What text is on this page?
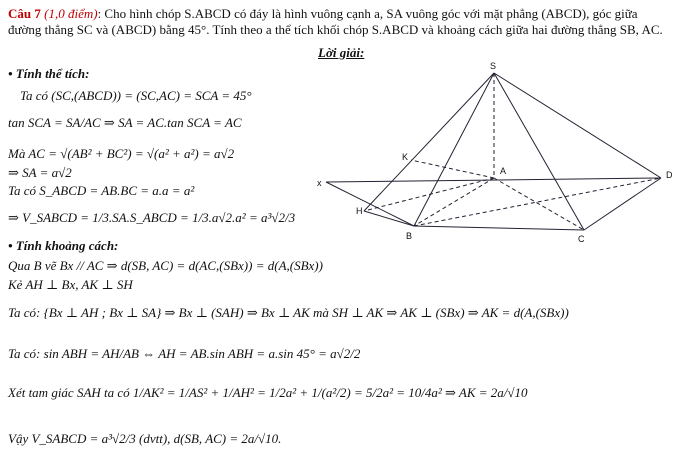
Câu 7 (1,0 điểm): Cho hình chóp S.ABCD có đáy là hình vuông cạnh a, SA vuông góc với mặt phẳng (ABCD), góc giữa đường thẳng SC và (ABCD) bằng 45°. Tính theo a thể tích khối chóp S.ABCD và khoảng cách giữa hai đường thẳng SB, AC.
Lời giải:
• Tính thể tích:
Ta có (SC,(ABCD)) = (SC,AC) = SCA = 45°
tan SCA = SA/AC ⇒ SA = AC.tan SCA = AC
Mà AC = √(AB² + BC²) = √(a² + a²) = a√2
⇒ SA = a√2
Ta có S_ABCD = AB.BC = a.a = a²
⇒ V_SABCD = 1/3.SA.S_ABCD = 1/3.a√2.a² = a³√2/3
• Tính khoảng cách:
Qua B vẽ Bx // AC ⇒ d(SB, AC) = d(AC,(SBx)) = d(A,(SBx))
Kẻ AH ⊥ Bx, AK ⊥ SH
Ta có: {Bx ⊥ AH ; Bx ⊥ SA} ⇒ Bx ⊥ (SAH) ⇒ Bx ⊥ AK mà SH ⊥ AK ⇒ AK ⊥ (SBx) ⇒ AK = d(A,(SBx))
Ta có: sin ABH = AH/AB ⇔ AH = AB.sin ABH = a.sin 45° = a√2/2
Xét tam giác SAH ta có 1/AK² = 1/AS² + 1/AH² = 1/2a² + 1/(a²/2) = 5/2a² = 10/4a² ⇒ AK = 2a/√10
Vậy V_SABCD = a³√2/3 (dvtt), d(SB, AC) = 2a/√10.
S
A
B	C
D
K
H
x
